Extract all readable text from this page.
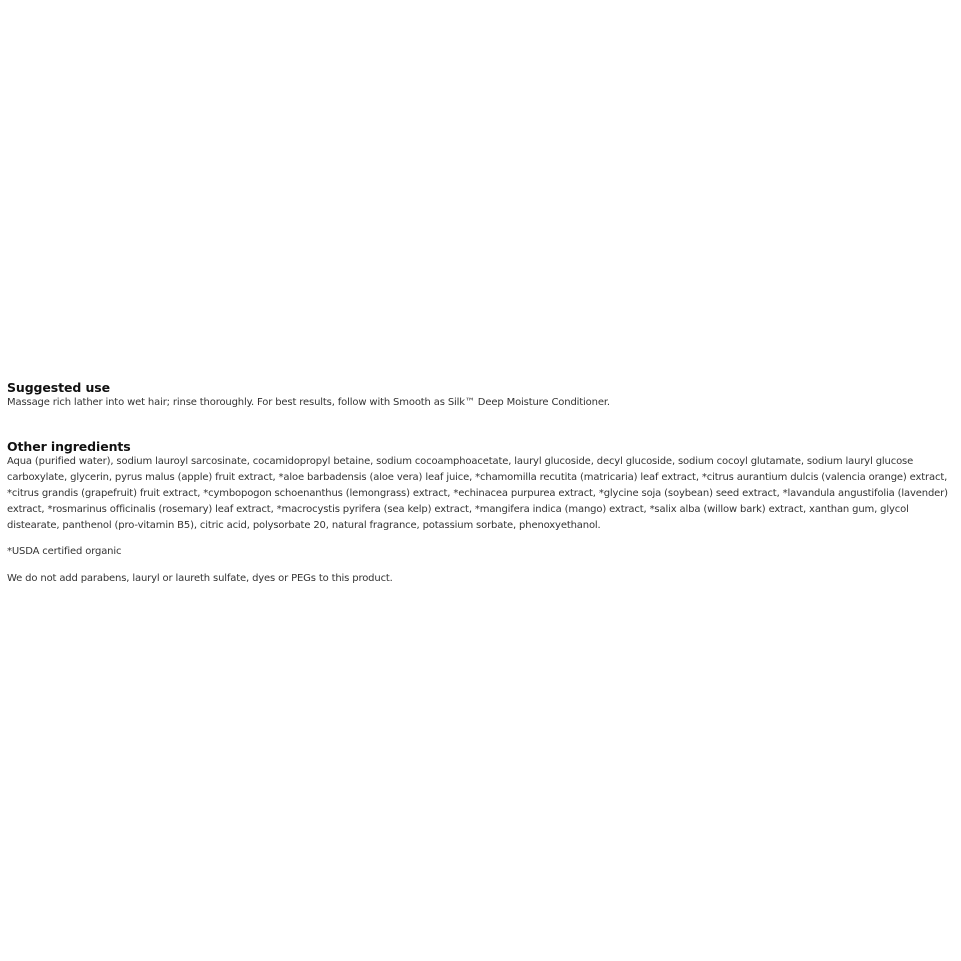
Suggested use

Massage rich lather into wet hair; rinse thoroughly. For best results, follow with Smooth as Silk™ Deep Moisture Conditioner.

Other ingredients

Aqua (purified water), sodium lauroyl sarcosinate, cocamidopropyl betaine, sodium cocoamphoacetate, lauryl glucoside, decyl glucoside, sodium cocoyl glutamate, sodium lauryl glucose carboxylate, glycerin, pyrus malus (apple) fruit extract, *aloe barbadensis (aloe vera) leaf juice, *chamomilla recutita (matricaria) leaf extract, *citrus aurantium dulcis (valencia orange) extract, *citrus grandis (grapefruit) fruit extract, *cymbopogon schoenanthus (lemongrass) extract, *echinacea purpurea extract, *glycine soja (soybean) seed extract, *lavandula angustifolia (lavender) extract, *rosmarinus officinalis (rosemary) leaf extract, *macrocystis pyrifera (sea kelp) extract, *mangifera indica (mango) extract, *salix alba (willow bark) extract, xanthan gum, glycol distearate, panthenol (pro-vitamin B5), citric acid, polysorbate 20, natural fragrance, potassium sorbate, phenoxyethanol.

*USDA certified organic

We do not add parabens, lauryl or laureth sulfate, dyes or PEGs to this product.
